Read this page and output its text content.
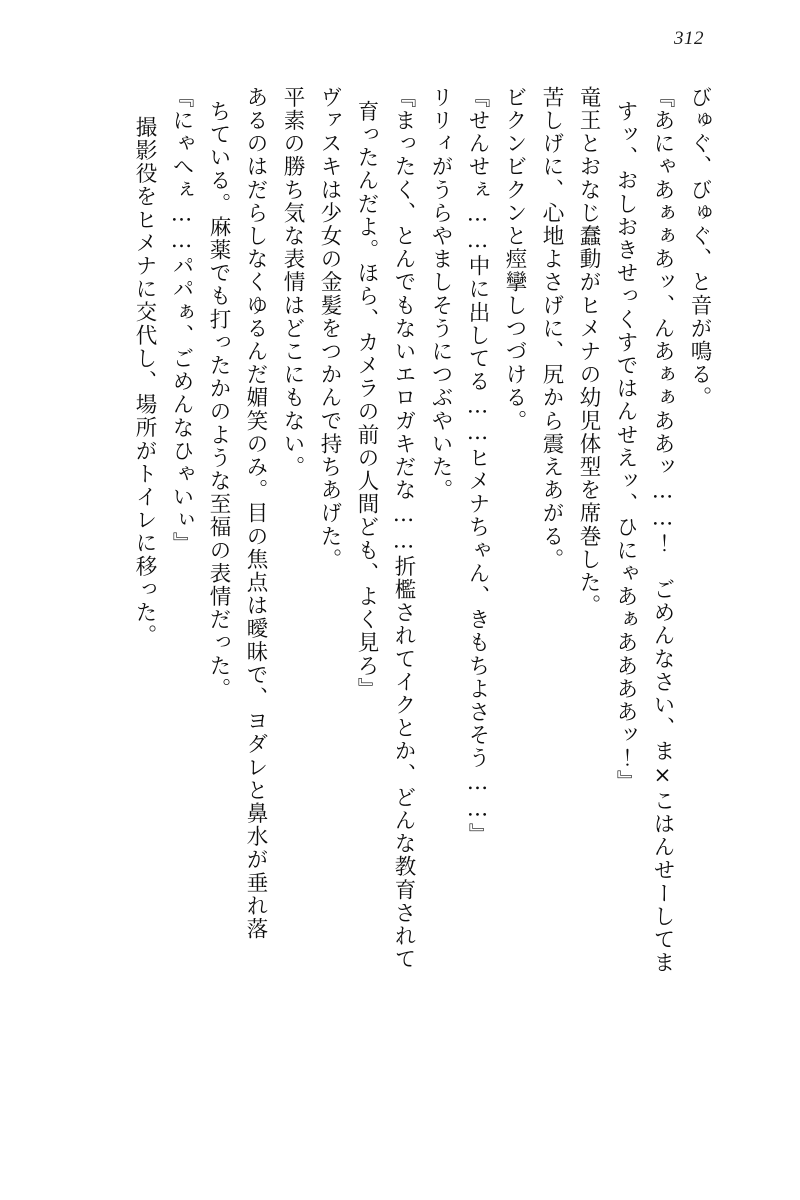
312
びゅぐ、びゅぐ、と音が鳴る。
『あにゃあぁぁあッ、んあぁぁああッ……！　ごめんなさい、ま×こはんせーしてま
すッ、おしおきせっくすではんせえッ、ひにゃあぁああああッ！』
竜王とおなじ蠢動がヒメナの幼児体型を席巻した。
苦しげに、心地よさげに、尻から震えあがる。
ビクンビクンと痙攣しつづける。
『せんせぇ……中に出してる……ヒメナちゃん、きもちよさそう……』
リリィがうらやましそうにつぶやいた。
『まったく、とんでもないエロガキだな……折檻されてイクとか、どんな教育されて
育ったんだよ。ほら、カメラの前の人間ども、よく見ろ』
ヴァスキは少女の金髪をつかんで持ちあげた。
平素の勝ち気な表情はどこにもない。
あるのはだらしなくゆるんだ媚笑のみ。目の焦点は曖昧で、ヨダレと鼻水が垂れ落
ちている。麻薬でも打ったかのような至福の表情だった。
『にゃへぇ……パパぁ、ごめんなひゃいぃ』
撮影役をヒメナに交代し、場所がトイレに移った。
